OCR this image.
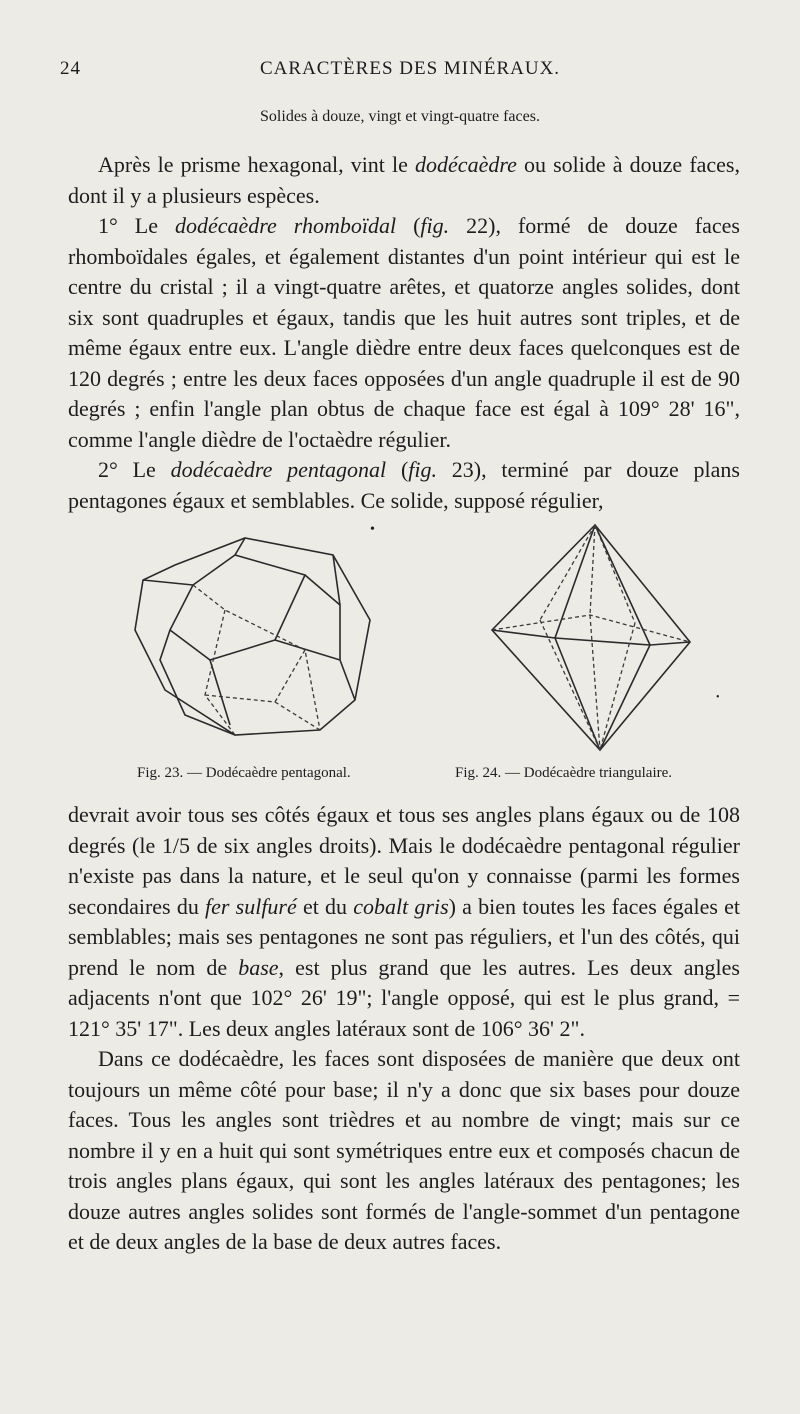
24	CARACTÈRES DES MINÉRAUX.
Solides à douze, vingt et vingt-quatre faces.

Après le prisme hexagonal, vint le dodécaèdre ou solide à douze faces, dont il y a plusieurs espèces.

1° Le dodécaèdre rhomboïdal (fig. 22), formé de douze faces rhomboïdales égales, et également distantes d'un point intérieur qui est le centre du cristal ; il a vingt-quatre arêtes, et quatorze angles solides, dont six sont quadruples et égaux, tandis que les huit autres sont triples, et de même égaux entre eux. L'angle dièdre entre deux faces quelconques est de 120 degrés ; entre les deux faces opposées d'un angle quadruple il est de 90 degrés ; enfin l'angle plan obtus de chaque face est égal à 109° 28' 16", comme l'angle dièdre de l'octaèdre régulier.

2° Le dodécaèdre pentagonal (fig. 23), terminé par douze plans pentagones égaux et semblables. Ce solide, supposé régulier,

Fig. 23. — Dodécaèdre pentagonal.	Fig. 24. — Dodécaèdre triangulaire.
•
•

devrait avoir tous ses côtés égaux et tous ses angles plans égaux ou de 108 degrés (le 1/5 de six angles droits). Mais le dodécaèdre pentagonal régulier n'existe pas dans la nature, et le seul qu'on y connaisse (parmi les formes secondaires du fer sulfuré et du cobalt gris) a bien toutes les faces égales et semblables; mais ses pentagones ne sont pas réguliers, et l'un des côtés, qui prend le nom de base, est plus grand que les autres. Les deux angles adjacents n'ont que 102° 26' 19"; l'angle opposé, qui est le plus grand, = 121° 35' 17". Les deux angles latéraux sont de 106° 36' 2".

Dans ce dodécaèdre, les faces sont disposées de manière que deux ont toujours un même côté pour base; il n'y a donc que six bases pour douze faces. Tous les angles sont trièdres et au nombre de vingt; mais sur ce nombre il y en a huit qui sont symétriques entre eux et composés chacun de trois angles plans égaux, qui sont les angles latéraux des pentagones; les douze autres angles solides sont formés de l'angle-sommet d'un pentagone et de deux angles de la base de deux autres faces.
